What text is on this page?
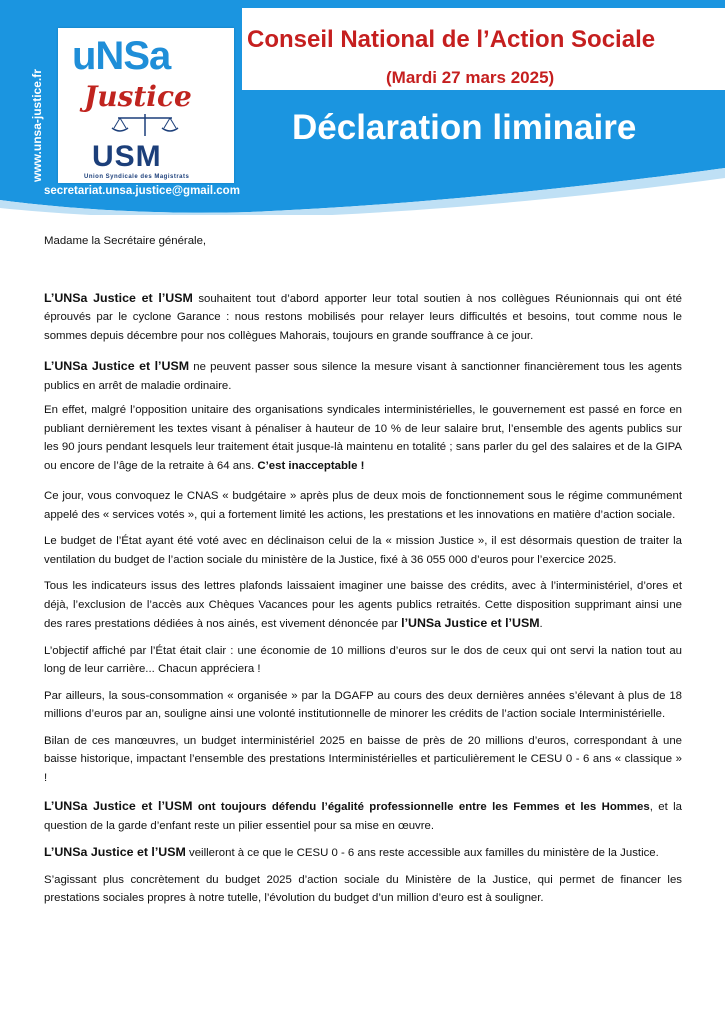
www.unsa-justice.fr
uNSa
Justice
USM
Union Syndicale des Magistrats
secretariat.unsa.justice@gmail.com
Conseil National de l’Action Sociale
(Mardi 27 mars 2025)
Déclaration liminaire

Madame la Secrétaire générale,

L’UNSa Justice et l’USM souhaitent tout d’abord apporter leur total soutien à nos collègues Réunionnais qui ont été éprouvés par le cyclone Garance : nous restons mobilisés pour relayer leurs difficultés et besoins, tout comme nous le sommes depuis décembre pour nos collègues Mahorais, toujours en grande souffrance à ce jour.

L’UNSa Justice et l’USM ne peuvent passer sous silence la mesure visant à sanctionner financièrement tous les agents publics en arrêt de maladie ordinaire.

En effet, malgré l’opposition unitaire des organisations syndicales interministérielles, le gouvernement est passé en force en publiant dernièrement les textes visant à pénaliser à hauteur de 10 % de leur salaire brut, l’ensemble des agents publics sur les 90 jours pendant lesquels leur traitement était jusque-là maintenu en totalité ; sans parler du gel des salaires et de la GIPA ou encore de l’âge de la retraite à 64 ans. C’est inacceptable !

Ce jour, vous convoquez le CNAS « budgétaire » après plus de deux mois de fonctionnement sous le régime communément appelé des « services votés », qui a fortement limité les actions, les prestations et les innovations en matière d’action sociale.

Le budget de l’État ayant été voté avec en déclinaison celui de la « mission Justice », il est désormais question de traiter la ventilation du budget de l’action sociale du ministère de la Justice, fixé à 36 055 000 d’euros pour l’exercice 2025.

Tous les indicateurs issus des lettres plafonds laissaient imaginer une baisse des crédits, avec à l’interministériel, d’ores et déjà, l’exclusion de l’accès aux Chèques Vacances pour les agents publics retraités. Cette disposition supprimant ainsi une des rares prestations dédiées à nos ainés, est vivement dénoncée par l’UNSa Justice et l’USM.

L’objectif affiché par l’État était clair : une économie de 10 millions d’euros sur le dos de ceux qui ont servi la nation tout au long de leur carrière... Chacun appréciera !

Par ailleurs, la sous-consommation « organisée » par la DGAFP au cours des deux dernières années s’élevant à plus de 18 millions d’euros par an, souligne ainsi une volonté institutionnelle de minorer les crédits de l’action sociale Interministérielle.

Bilan de ces manœuvres, un budget interministériel 2025 en baisse de près de 20 millions d’euros, correspondant à une baisse historique, impactant l’ensemble des prestations Interministérielles et particulièrement le CESU 0 - 6 ans « classique » !

L’UNSa Justice et l’USM ont toujours défendu l’égalité professionnelle entre les Femmes et les Hommes, et la question de la garde d’enfant reste un pilier essentiel pour sa mise en œuvre.

L’UNSa Justice et l’USM veilleront à ce que le CESU 0 - 6 ans reste accessible aux familles du ministère de la Justice.

S’agissant plus concrètement du budget 2025 d’action sociale du Ministère de la Justice, qui permet de financer les prestations sociales propres à notre tutelle, l’évolution du budget d’un million d’euro est à souligner.
